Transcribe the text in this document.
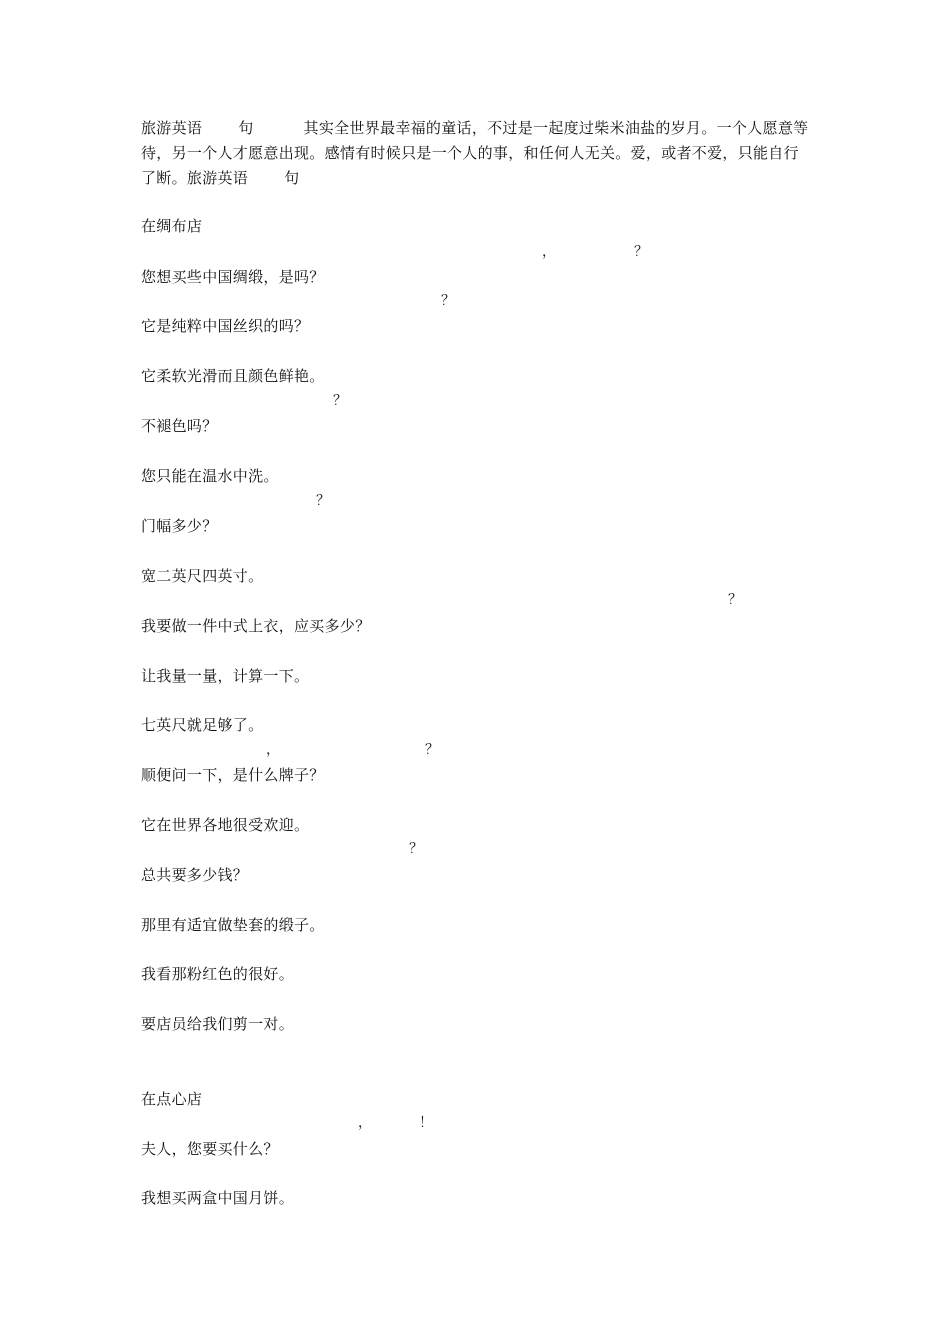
旅游英语 句	其实全世界最幸福的童话，不过是一起度过柴米油盐的岁月。一个人愿意等待，另一个人才愿意出现。感情有时候只是一个人的事，和任何人无关。爱，或者不爱，只能自行了断。旅游英语 句
在绸布店
，	？
您想买些中国绸缎，是吗？
？
它是纯粹中国丝织的吗？
它柔软光滑而且颜色鲜艳。
？
不褪色吗？
您只能在温水中洗。
？
门幅多少？
宽二英尺四英寸。
？
我要做一件中式上衣，应买多少？
让我量一量，计算一下。
七英尺就足够了。
，	？
顺便问一下，是什么牌子？
它在世界各地很受欢迎。
？
总共要多少钱？
那里有适宜做垫套的缎子。
我看那粉红色的很好。
要店员给我们剪一对。
在点心店
，	！
夫人，您要买什么？
我想买两盒中国月饼。
